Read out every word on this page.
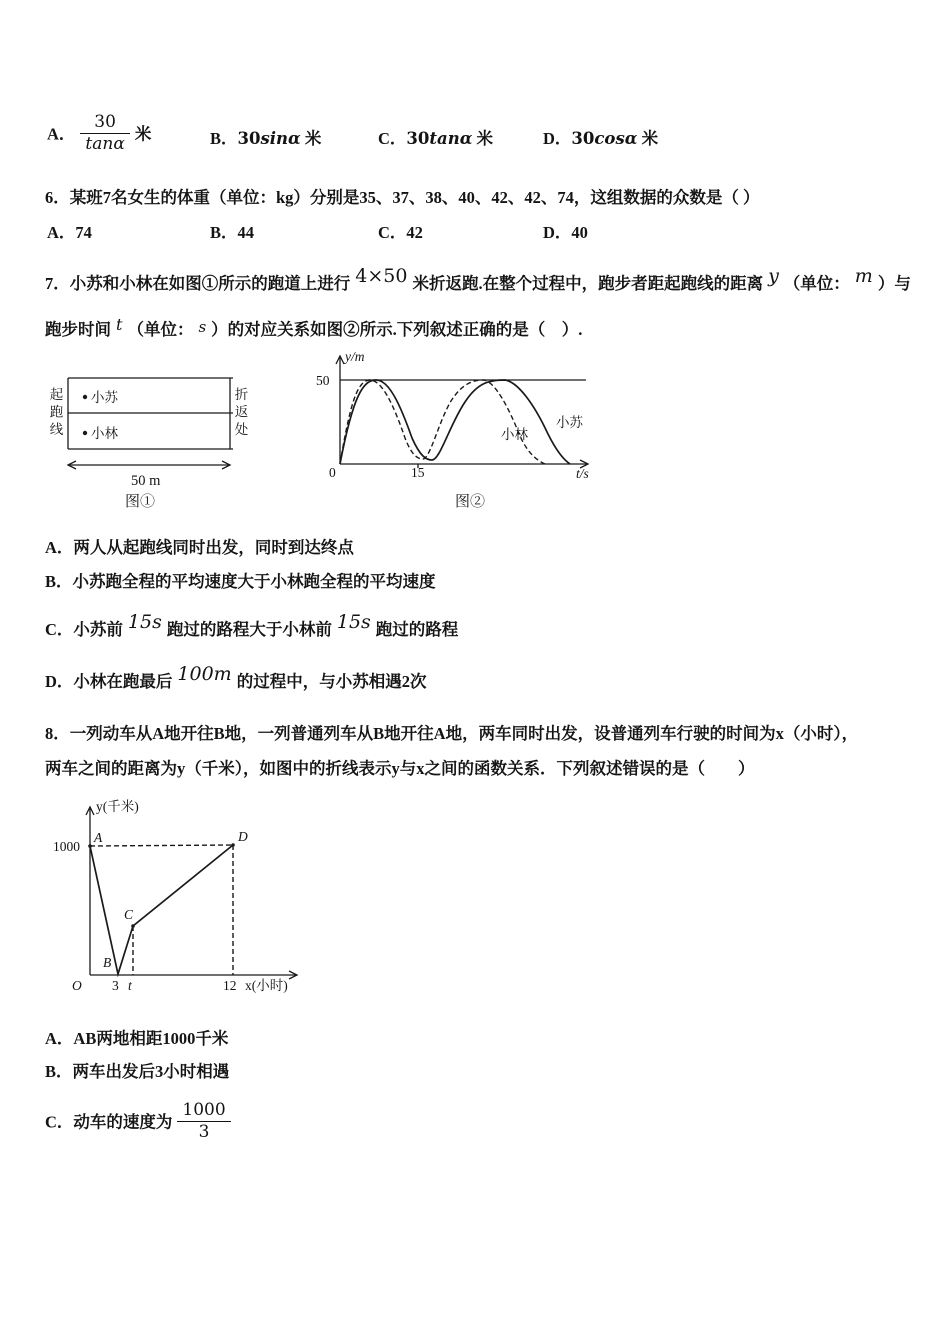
A． $\frac{30}{\tan\alpha}$ 米	B．30sinα 米	C．30tanα 米	D．30cosα 米
6．某班7名女生的体重（单位：kg）分别是35、37、38、40、42、42、74，这组数据的众数是（ ）
A．74	B．44	C．42	D．40
7．小苏和小林在如图①所示的跑道上进行 4×50 米折返跑.在整个过程中，跑步者距起跑线的距离 y （单位： m ）与
跑步时间 t （单位： s ）的对应关系如图②所示.下列叙述正确的是（　）.
小苏
小林
50 m
起跑线	折返处
图①
y/m
50
0	15	t/s
小林
小苏
图②
A．两人从起跑线同时出发，同时到达终点
B．小苏跑全程的平均速度大于小林跑全程的平均速度
C．小苏前 15s 跑过的路程大于小林前 15s 跑过的路程
D．小林在跑最后 100m 的过程中，与小苏相遇2次
8．一列动车从A地开往B地，一列普通列车从B地开往A地，两车同时出发，设普通列车行驶的时间为x（小时），
两车之间的距离为y（千米），如图中的折线表示y与x之间的函数关系．下列叙述错误的是（　　）
y(千米)
1000
A
B
C
D
O 3 t	12 x(小时)
A．AB两地相距1000千米
B．两车出发后3小时相遇
C．动车的速度为 $\frac{1000}{3}$
